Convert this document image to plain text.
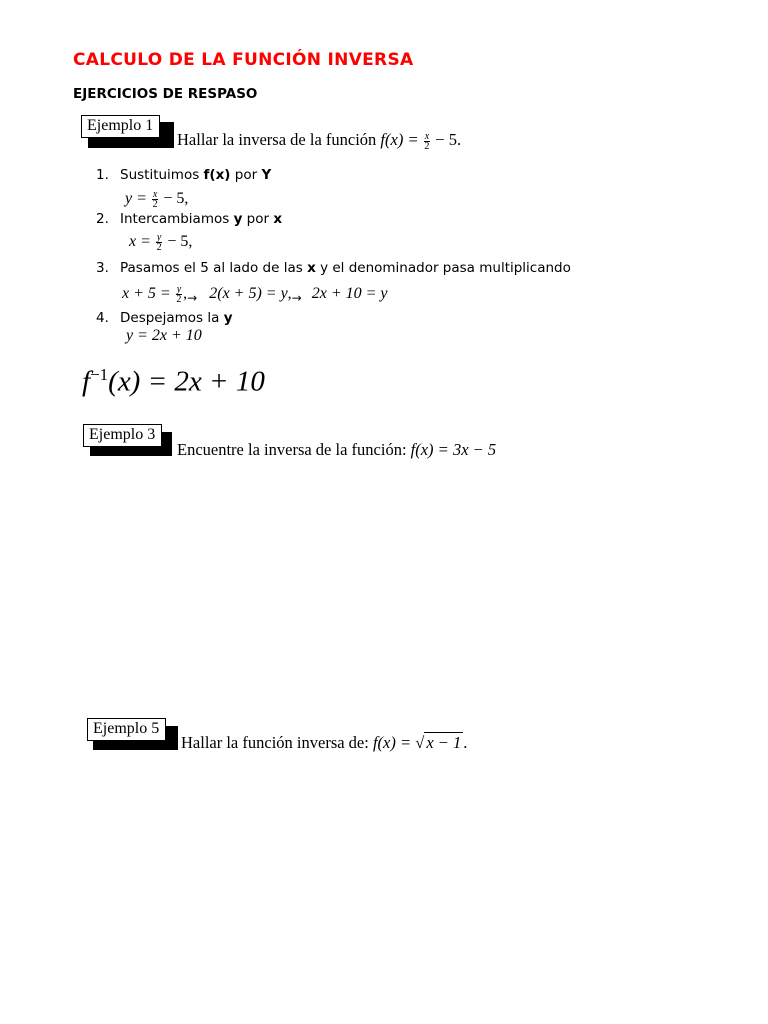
CALCULO DE LA FUNCIÓN INVERSA
EJERCICIOS DE RESPASO
Ejemplo 1
Hallar la inversa de la función $f(x) = \frac{x}{2} - 5$.
1. Sustituimos f(x) por Y
$y = \frac{x}{2} - 5$,
2. Intercambiamos y por x
$x = \frac{y}{2} - 5$,
3. Pasamos el 5 al lado de las x y el denominador pasa multiplicando
$x + 5 = \frac{y}{2} ,_\to$ $2(x + 5) = y,_\to$ 2x + 10 = y
4. Despejamos la y
y = 2x + 10
$f^{-1}(x) = 2x + 10$
Ejemplo 3
Encuentre la inversa de la función: f(x) = 3x − 5
Ejemplo 5
Hallar la función inversa de: f(x) = √ x − 1 .
